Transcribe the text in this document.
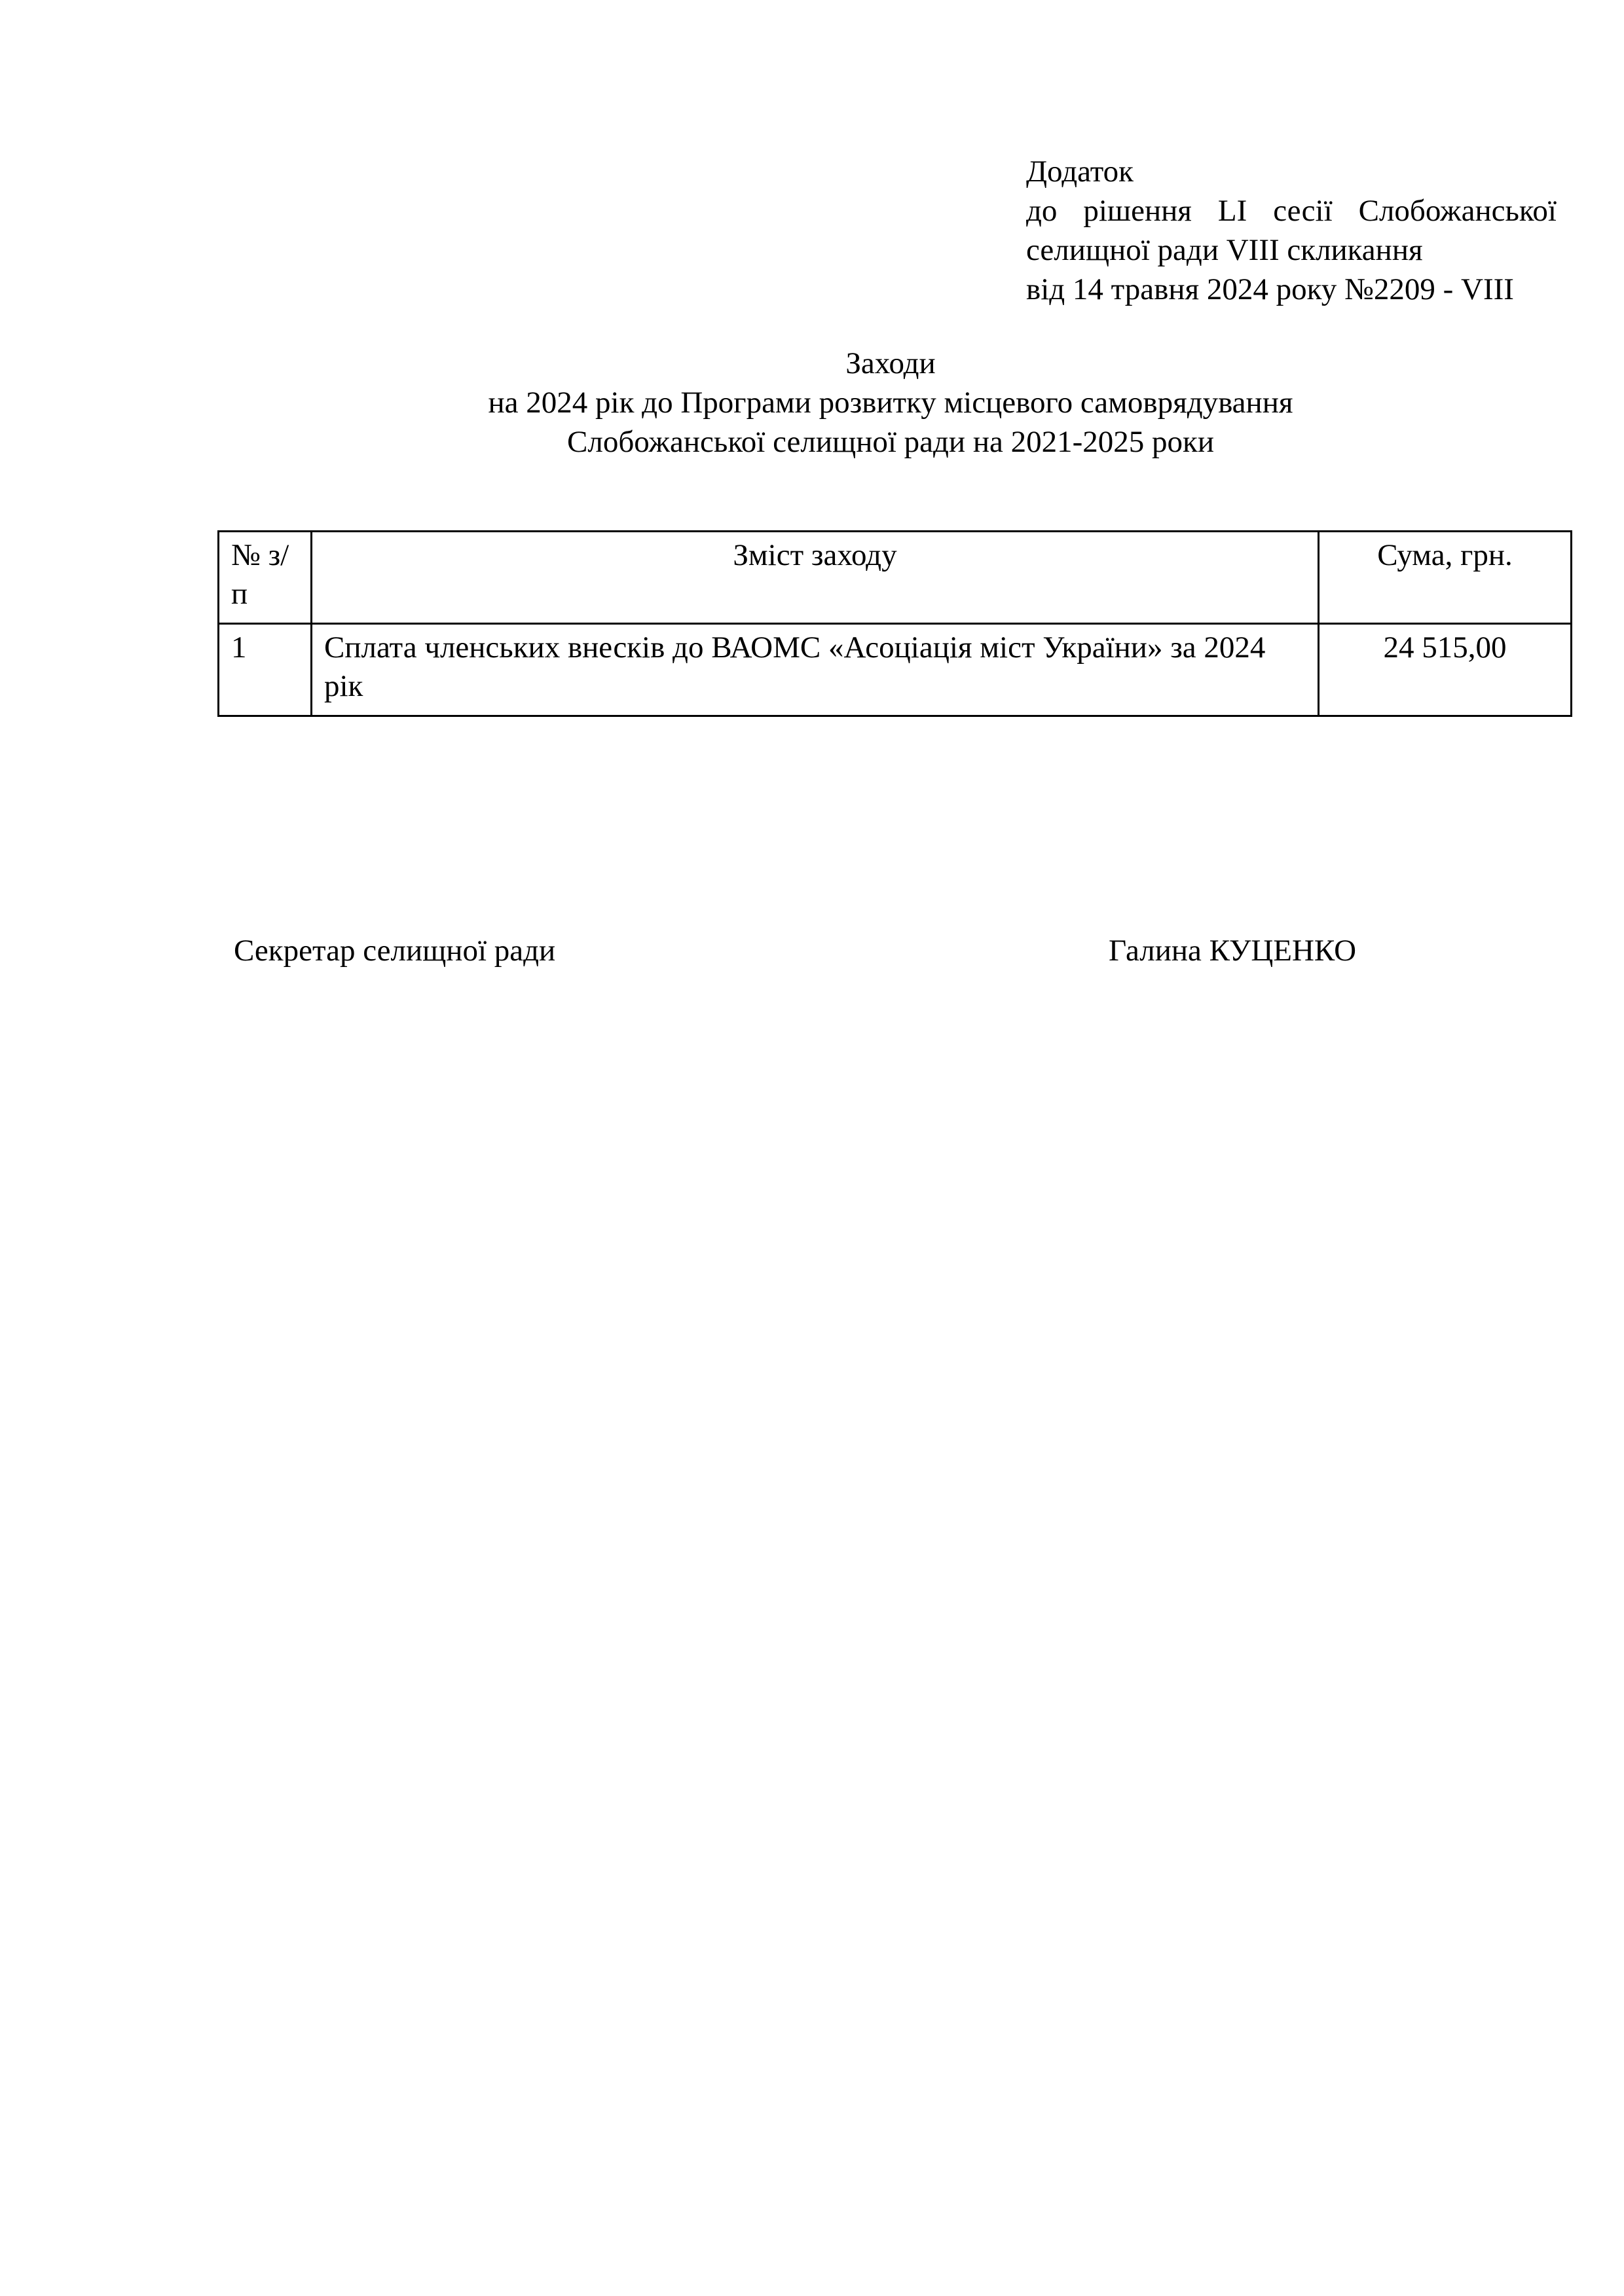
Додаток
до рішення LI сесії Слобожанської
селищної ради VIII скликання
від 14 травня 2024 року №2209 - VIII
Заходи
на 2024 рік до Програми розвитку місцевого самоврядування
Слобожанської селищної ради на 2021-2025 роки
№ з/п	Зміст заходу	Сума, грн.
1	Сплата членських внесків до ВАОМС «Асоціація міст України» за 2024 рік	24 515,00
Секретар селищної ради	Галина КУЦЕНКО
